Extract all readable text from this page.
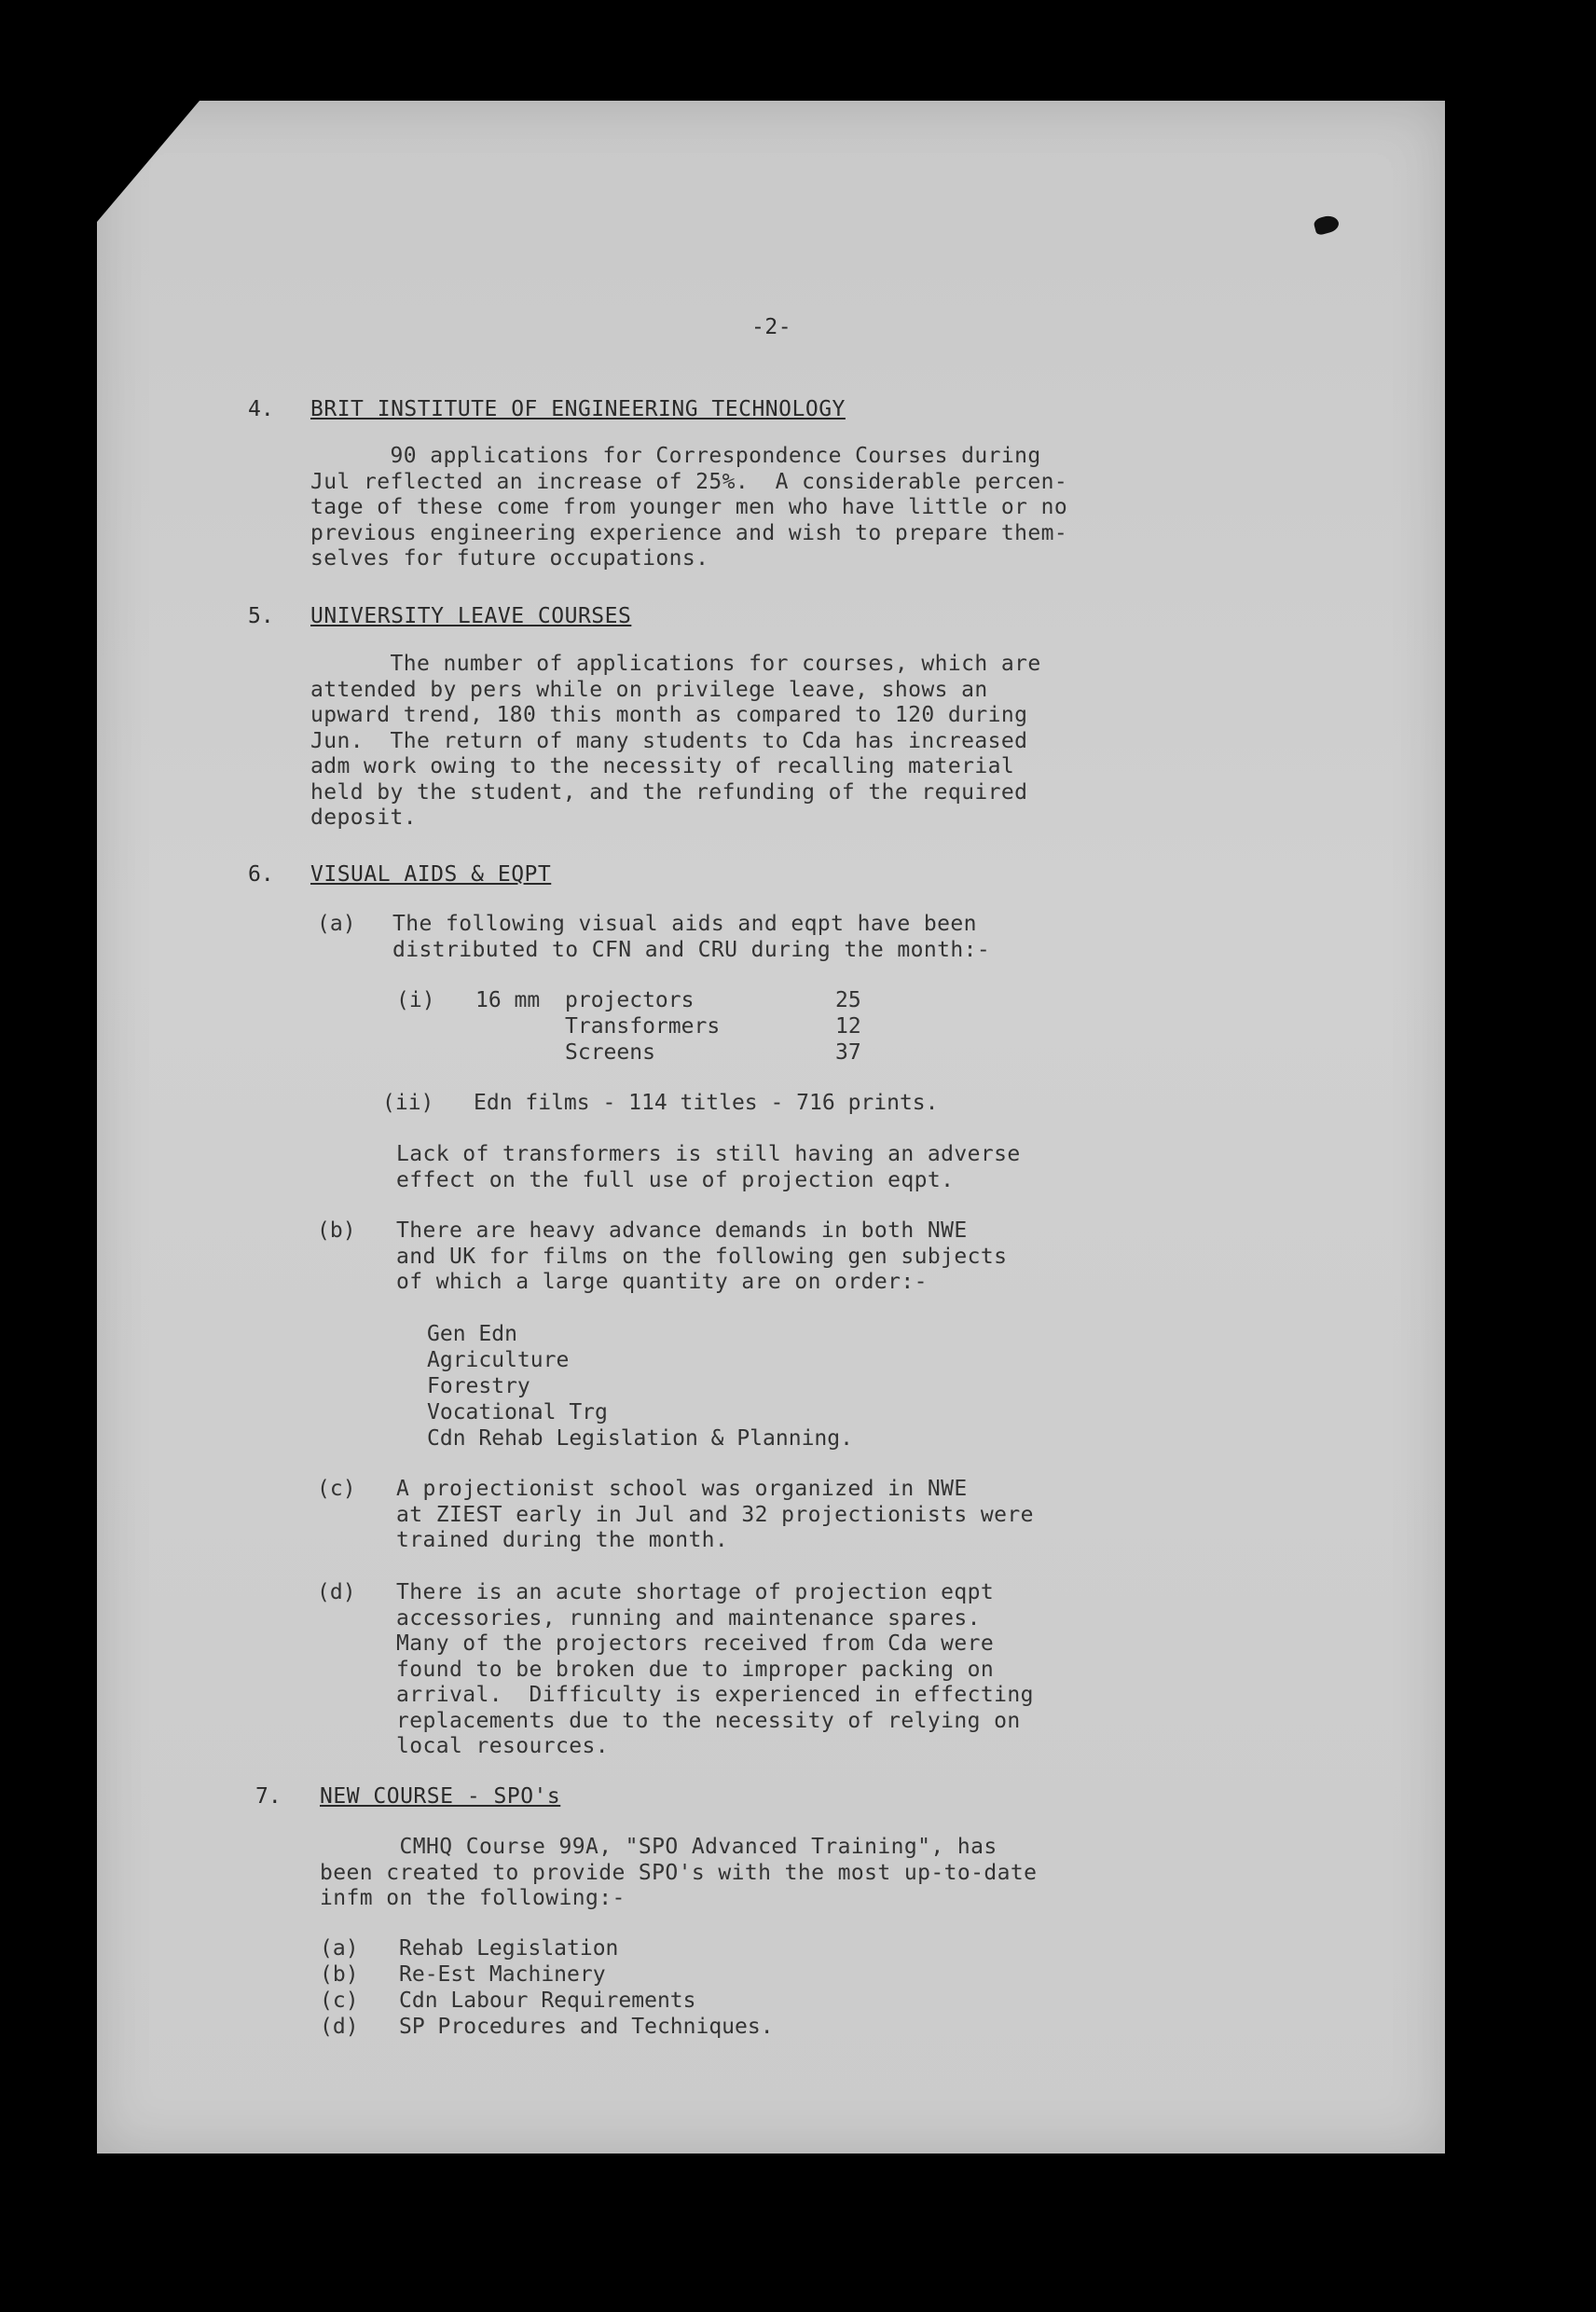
-2-
4. BRIT INSTITUTE OF ENGINEERING TECHNOLOGY
90 applications for Correspondence Courses during
Jul reflected an increase of 25%.  A considerable percen-
tage of these come from younger men who have little or no
previous engineering experience and wish to prepare them-
selves for future occupations.
5. UNIVERSITY LEAVE COURSES
The number of applications for courses, which are
attended by pers while on privilege leave, shows an
upward trend, 180 this month as compared to 120 during
Jun.  The return of many students to Cda has increased
adm work owing to the necessity of recalling material
held by the student, and the refunding of the required
deposit.
6. VISUAL AIDS & EQPT
(a) The following visual aids and eqpt have been
distributed to CFN and CRU during the month:-
(i) 16 mm projectors	25
Transformers	12
Screens	37
(ii) Edn films - 114 titles - 716 prints.
Lack of transformers is still having an adverse
effect on the full use of projection eqpt.
(b) There are heavy advance demands in both NWE
and UK for films on the following gen subjects
of which a large quantity are on order:-
Gen Edn
Agriculture
Forestry
Vocational Trg
Cdn Rehab Legislation & Planning.
(c) A projectionist school was organized in NWE
at ZIEST early in Jul and 32 projectionists were
trained during the month.
(d) There is an acute shortage of projection eqpt
accessories, running and maintenance spares.
Many of the projectors received from Cda were
found to be broken due to improper packing on
arrival.  Difficulty is experienced in effecting
replacements due to the necessity of relying on
local resources.
7. NEW COURSE - SPO's
CMHQ Course 99A, "SPO Advanced Training", has
been created to provide SPO's with the most up-to-date
infm on the following:-
(a) Rehab Legislation
(b) Re-Est Machinery
(c) Cdn Labour Requirements
(d) SP Procedures and Techniques.
